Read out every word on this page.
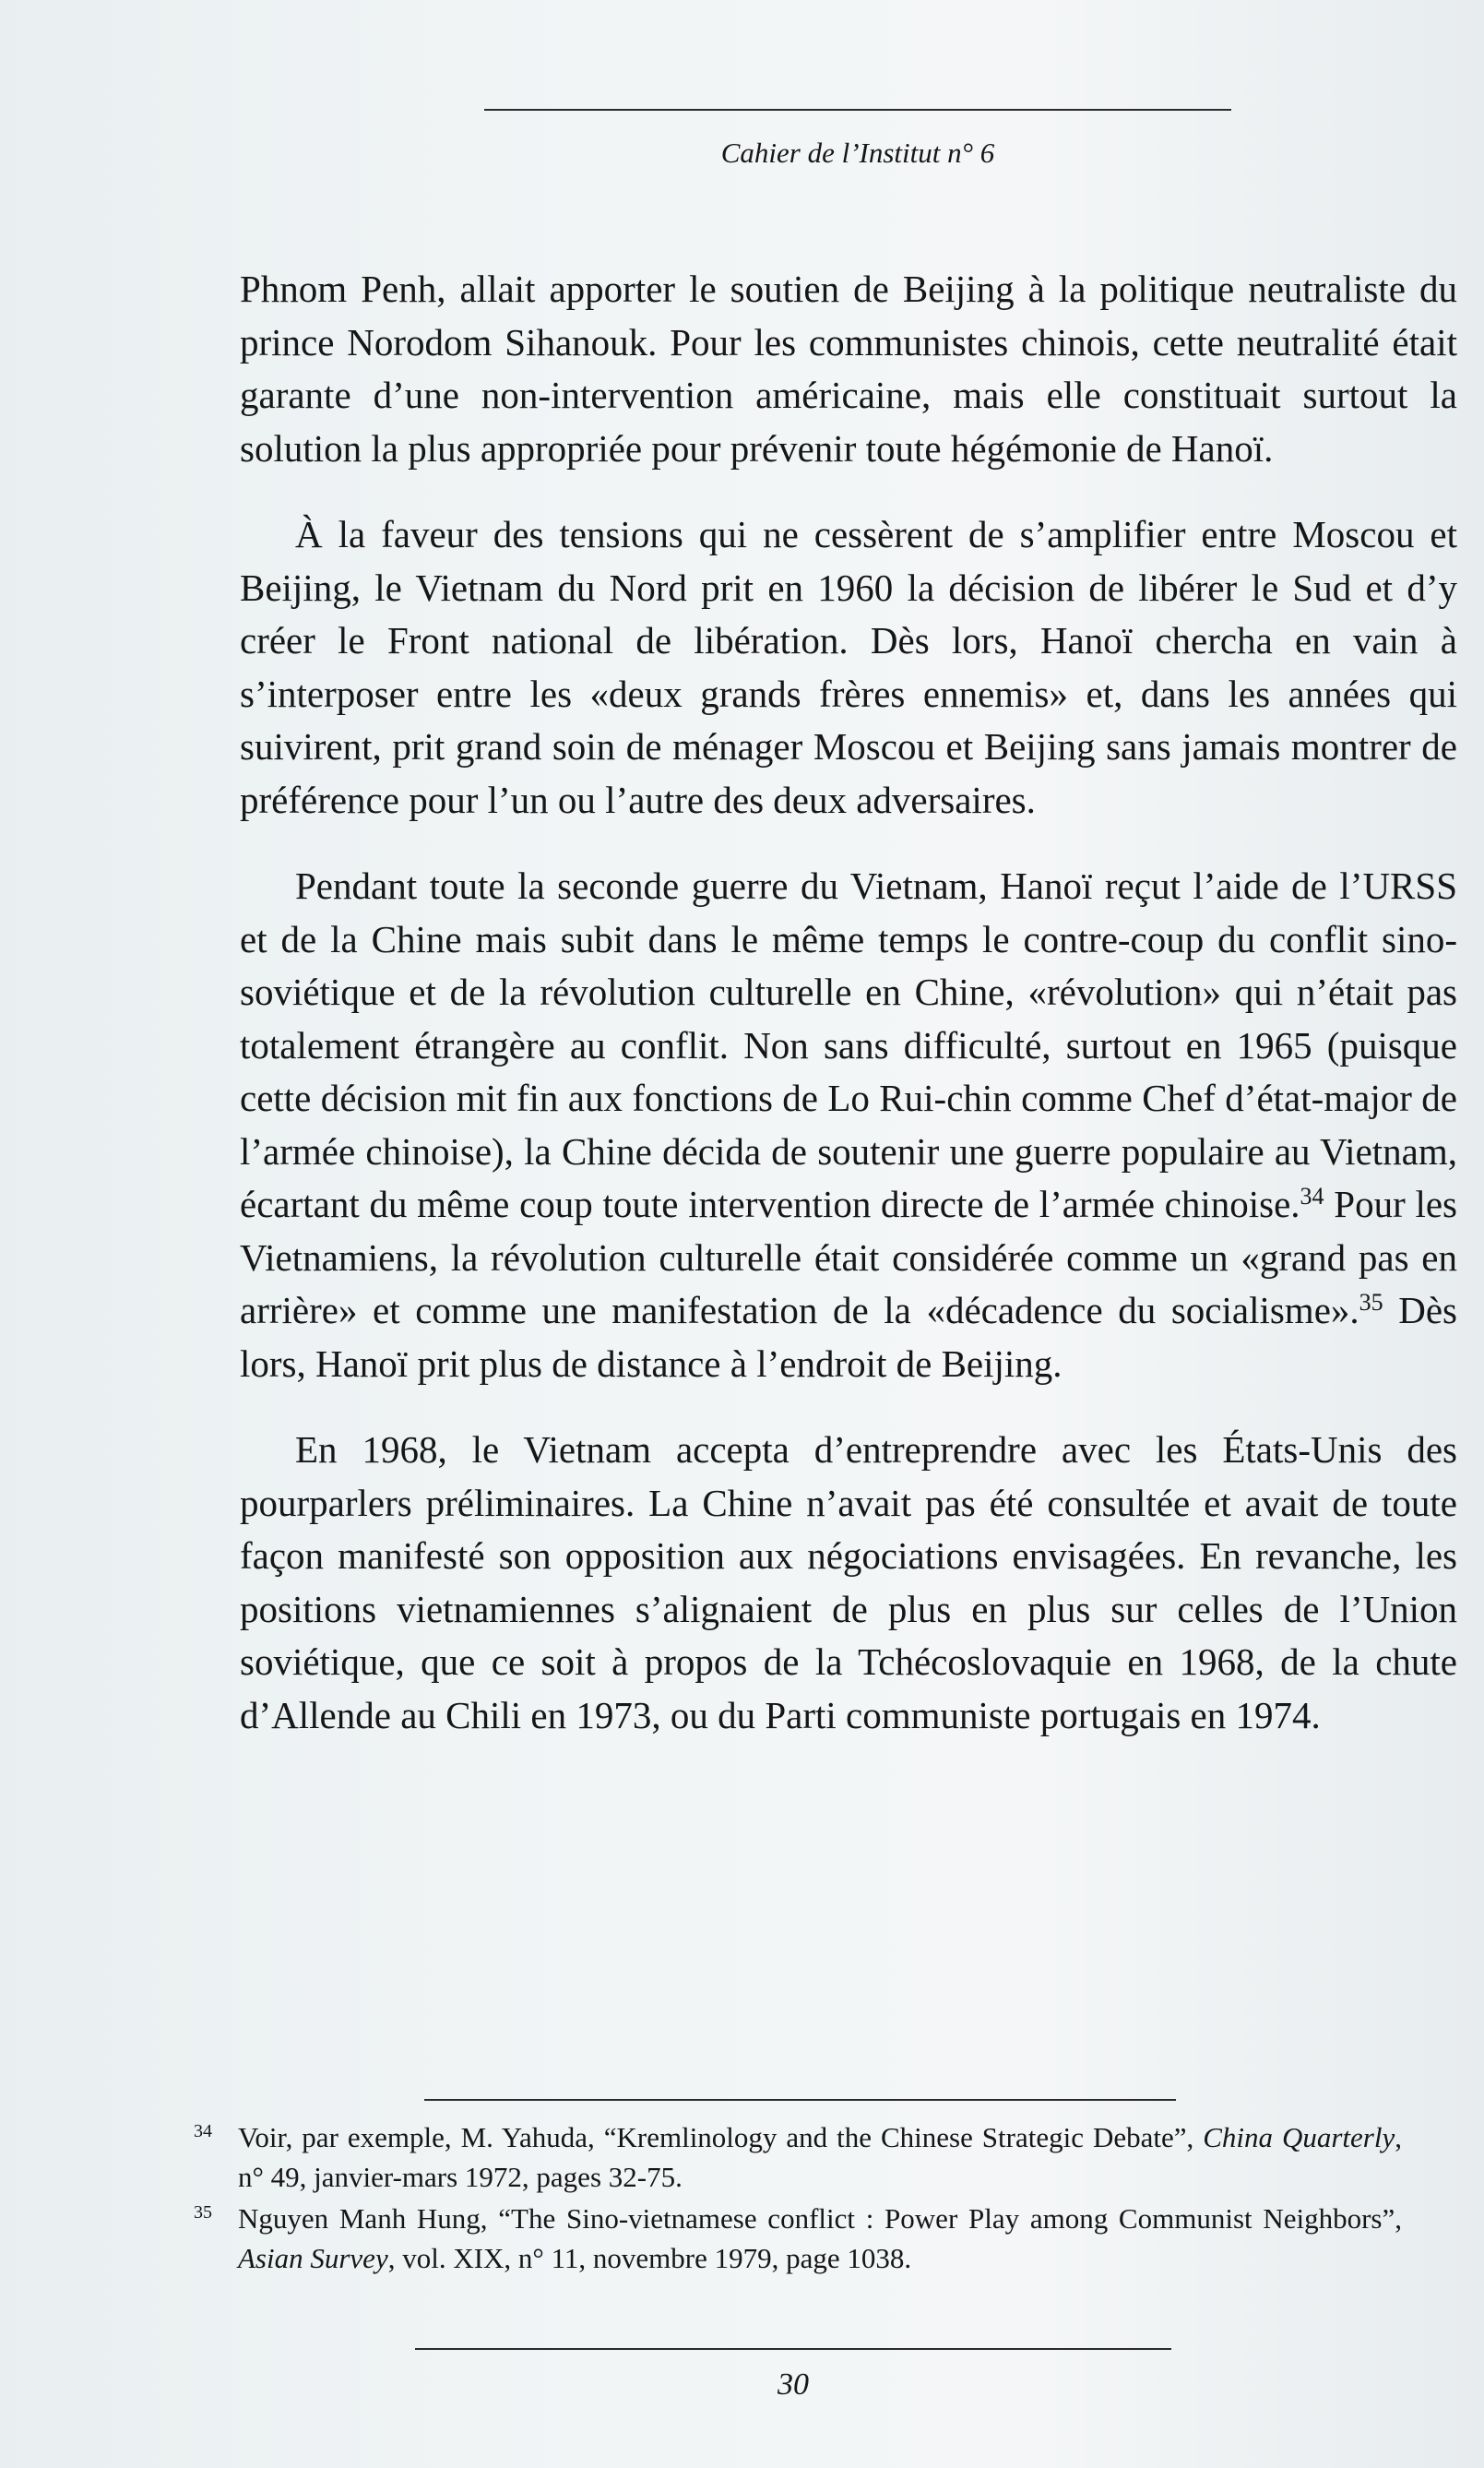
Cahier de l’Institut n° 6

Phnom Penh, allait apporter le soutien de Beijing à la politique neutraliste du prince Norodom Sihanouk. Pour les communistes chinois, cette neutralité était garante d’une non-intervention américaine, mais elle constituait surtout la solution la plus appropriée pour prévenir toute hégémonie de Hanoï.

À la faveur des tensions qui ne cessèrent de s’amplifier entre Moscou et Beijing, le Vietnam du Nord prit en 1960 la décision de libérer le Sud et d’y créer le Front national de libération. Dès lors, Hanoï chercha en vain à s’interposer entre les «deux grands frères ennemis» et, dans les années qui suivirent, prit grand soin de ménager Moscou et Beijing sans jamais montrer de préférence pour l’un ou l’autre des deux adversaires.

Pendant toute la seconde guerre du Vietnam, Hanoï reçut l’aide de l’URSS et de la Chine mais subit dans le même temps le contre-coup du conflit sino-soviétique et de la révolution culturelle en Chine, «révolution» qui n’était pas totalement étrangère au conflit. Non sans difficulté, surtout en 1965 (puisque cette décision mit fin aux fonctions de Lo Rui-chin comme Chef d’état-major de l’armée chinoise), la Chine décida de soutenir une guerre populaire au Vietnam, écartant du même coup toute intervention directe de l’armée chinoise.$^{34}$ Pour les Vietnamiens, la révolution culturelle était considérée comme un «grand pas en arrière» et comme une manifestation de la «décadence du socialisme».$^{35}$ Dès lors, Hanoï prit plus de distance à l’endroit de Beijing.

En 1968, le Vietnam accepta d’entreprendre avec les États-Unis des pourparlers préliminaires. La Chine n’avait pas été consultée et avait de toute façon manifesté son opposition aux négociations envisagées. En revanche, les positions vietnamiennes s’alignaient de plus en plus sur celles de l’Union soviétique, que ce soit à propos de la Tchécoslovaquie en 1968, de la chute d’Allende au Chili en 1973, ou du Parti communiste portugais en 1974.

34 Voir, par exemple, M. Yahuda, “Kremlinology and the Chinese Strategic Debate”, China Quarterly, n° 49, janvier-mars 1972, pages 32-75.
35 Nguyen Manh Hung, “The Sino-vietnamese conflict : Power Play among Communist Neighbors”, Asian Survey, vol. XIX, n° 11, novembre 1979, page 1038.
30
